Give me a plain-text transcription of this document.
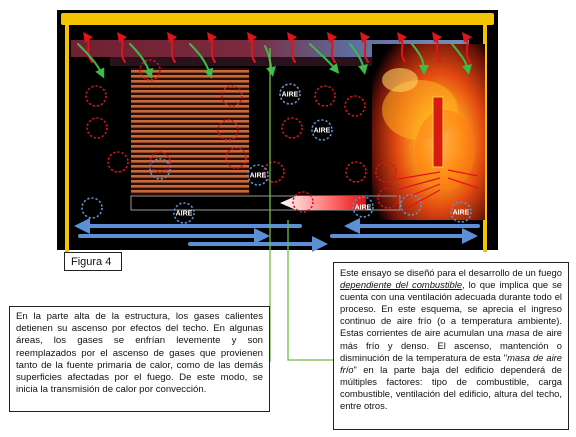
AIRE
AIRE
AIRE
AIRE
AIRE
AIRE
Figura 4
En la parte alta de la estructura, los gases calientes detienen su ascenso por efectos del techo. En algunas áreas, los gases se enfrían levemente y son reemplazados por el ascenso de gases que provienen tanto de la fuente primaria de calor, como de las demás superficies afectadas por el fuego. De este modo, se inicia la transmisión de calor por convección.
Este ensayo se diseñó para el desarrollo de un fuego dependiente del combustible, lo que implica que se cuenta con una ventilación adecuada durante todo el proceso. En este esquema, se aprecia el ingreso continuo de aire frío (o a temperatura ambiente). Estas corrientes de aire acumulan una masa de aire más frío y denso. El ascenso, mantención o disminución de la temperatura de esta "masa de aire frío" en la parte baja del edificio dependerá de múltiples factores: tipo de combustible, carga combustible, ventilación del edificio, altura del techo, entre otros.
